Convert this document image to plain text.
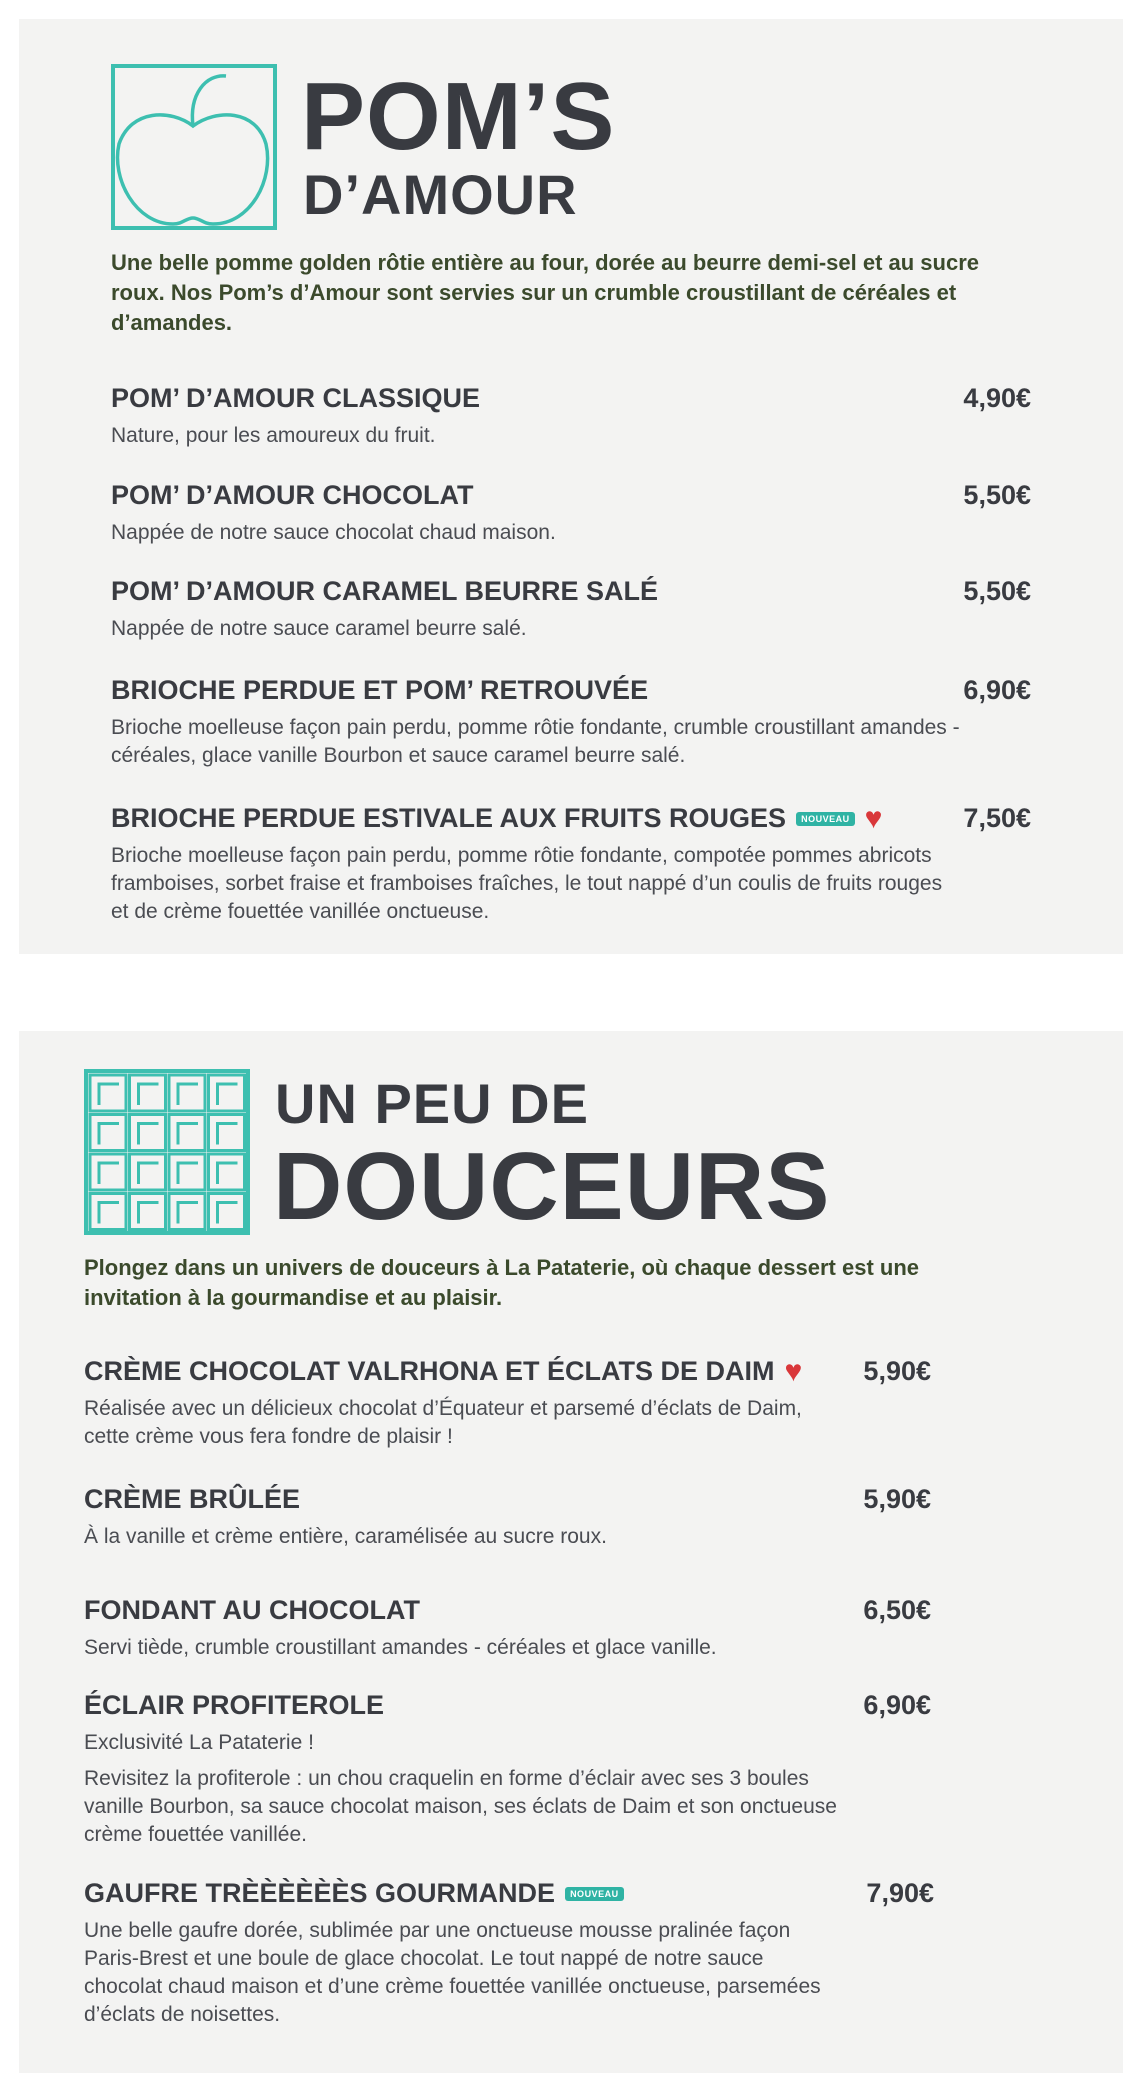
POM’S
D’AMOUR
Une belle pomme golden rôtie entière au four, dorée au beurre demi-sel et au sucre roux. Nos Pom’s d’Amour sont servies sur un crumble croustillant de céréales et d’amandes.
POM’ D’AMOUR CLASSIQUE
Nature, pour les amoureux du fruit.
4,90€
POM’ D’AMOUR CHOCOLAT
Nappée de notre sauce chocolat chaud maison.
5,50€
POM’ D’AMOUR CARAMEL BEURRE SALÉ
Nappée de notre sauce caramel beurre salé.
5,50€
BRIOCHE PERDUE ET POM’ RETROUVÉE
Brioche moelleuse façon pain perdu, pomme rôtie fondante, crumble croustillant amandes - céréales, glace vanille Bourbon et sauce caramel beurre salé.
6,90€
BRIOCHE PERDUE ESTIVALE AUX FRUITS ROUGES	NOUVEAU ♥
Brioche moelleuse façon pain perdu, pomme rôtie fondante, compotée pommes abricots framboises, sorbet fraise et framboises fraîches, le tout nappé d’un coulis de fruits rouges et de crème fouettée vanillée onctueuse.
7,50€
UN PEU DE
DOUCEURS
Plongez dans un univers de douceurs à La Pataterie, où chaque dessert est une invitation à la gourmandise et au plaisir.
CRÈME CHOCOLAT VALRHONA ET ÉCLATS DE DAIM ♥
Réalisée avec un délicieux chocolat d’Équateur et parsemé d’éclats de Daim, cette crème vous fera fondre de plaisir !
5,90€
CRÈME BRÛLÉE
À la vanille et crème entière, caramélisée au sucre roux.
5,90€
FONDANT AU CHOCOLAT
Servi tiède, crumble croustillant amandes - céréales et glace vanille.
6,50€
ÉCLAIR PROFITEROLE
Exclusivité La Pataterie !
Revisitez la profiterole : un chou craquelin en forme d’éclair avec ses 3 boules vanille Bourbon, sa sauce chocolat maison, ses éclats de Daim et son onctueuse crème fouettée vanillée.
6,90€
GAUFRE TRÈÈÈÈÈÈS GOURMANDE	NOUVEAU
Une belle gaufre dorée, sublimée par une onctueuse mousse pralinée façon Paris-Brest et une boule de glace chocolat. Le tout nappé de notre sauce chocolat chaud maison et d’une crème fouettée vanillée onctueuse, parsemées d’éclats de noisettes.
7,90€
